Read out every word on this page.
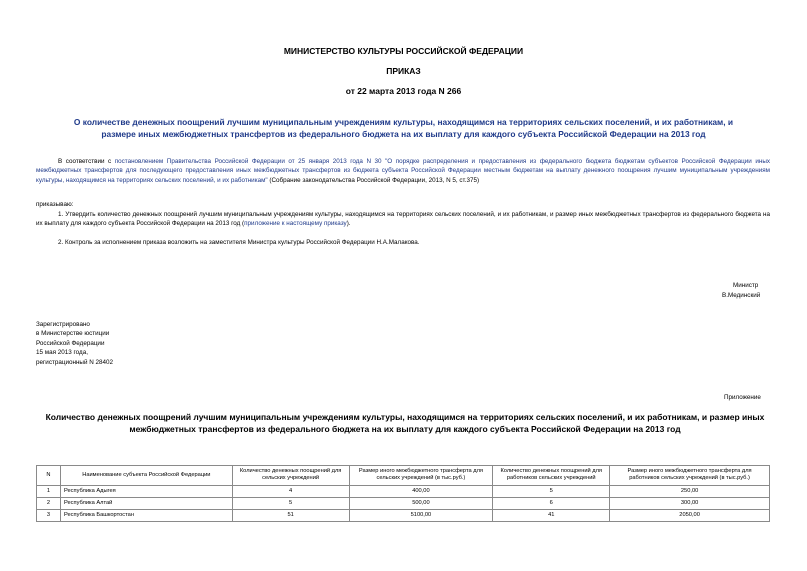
МИНИСТЕРСТВО КУЛЬТУРЫ РОССИЙСКОЙ ФЕДЕРАЦИИ
ПРИКАЗ
от 22 марта 2013 года N 266
О количестве денежных поощрений лучшим муниципальным учреждениям культуры, находящимся на территориях сельских поселений, и их работникам, и
размере иных межбюджетных трансфертов из федерального бюджета на их выплату для каждого субъекта Российской Федерации на 2013 год
В соответствии с постановлением Правительства Российской Федерации от 25 января 2013 года N 30 "О порядке распределения и предоставления из федерального бюджета бюджетам субъектов Российской Федерации иных межбюджетных трансфертов для последующего предоставления иных межбюджетных трансфертов из бюджета субъекта Российской Федерации местным бюджетам на выплату денежного поощрения лучшим муниципальным учреждениям культуры, находящимся на территориях сельских поселений, и их работникам" (Собрание законодательства Российской Федерации, 2013, N 5, ст.375)
приказываю:
1. Утвердить количество денежных поощрений лучшим муниципальным учреждениям культуры, находящимся на территориях сельских поселений, и их работникам, и размер иных межбюджетных трансфертов из федерального бюджета на их выплату для каждого субъекта Российской Федерации на 2013 год (приложение к настоящему приказу).
2. Контроль за исполнением приказа возложить на заместителя Министра культуры Российской Федерации Н.А.Малакова.
Министр
В.Мединский
Зарегистрировано
в Министерстве юстиции
Российской Федерации
15 мая 2013 года,
регистрационный N 28402
Приложение
Количество денежных поощрений лучшим муниципальным учреждениям культуры, находящимся на территориях сельских поселений, и их работникам, и размер иных межбюджетных трансфертов из федерального бюджета на их выплату для каждого субъекта Российской Федерации на 2013 год
N	Наименование субъекта Российской Федерации	Количество денежных поощрений для сельских учреждений	Размер иного межбюджетного трансферта для сельских учреждений (в тыс.руб.)	Количество денежных поощрений для работников сельских учреждений	Размер иного межбюджетного трансферта для работников сельских учреждений (в тыс.руб.)
1	Республика Адыгея	4	400,00	5	250,00
2	Республика Алтай	5	500,00	6	300,00
3	Республика Башкортостан	51	5100,00	41	2050,00
